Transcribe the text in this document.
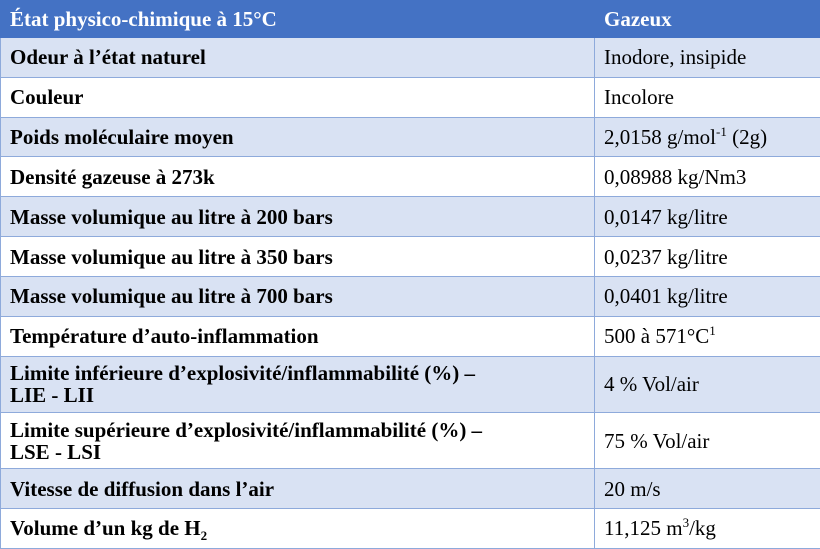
État physico-chimique à 15°C	Gazeux
Odeur à l’état naturel	Inodore, insipide
Couleur	Incolore
Poids moléculaire moyen	2,0158 g/mol$^{-1}$ (2g)
Densité gazeuse à 273k	0,08988 kg/Nm3
Masse volumique au litre à 200 bars	0,0147 kg/litre
Masse volumique au litre à 350 bars	0,0237 kg/litre
Masse volumique au litre à 700 bars	0,0401 kg/litre
Température d’auto-inflammation	500 à $571^\circ C^1$
Limite inférieure d’explosivité/inflammabilité (%) –
LIE - LII	4 % Vol/air
Limite supérieure d’explosivité/inflammabilité (%) –
LSE - LSI	75 % Vol/air
Vitesse de diffusion dans l’air	20 m/s
Volume d’un kg de $H_2$	11,125 $m^3/kg$
